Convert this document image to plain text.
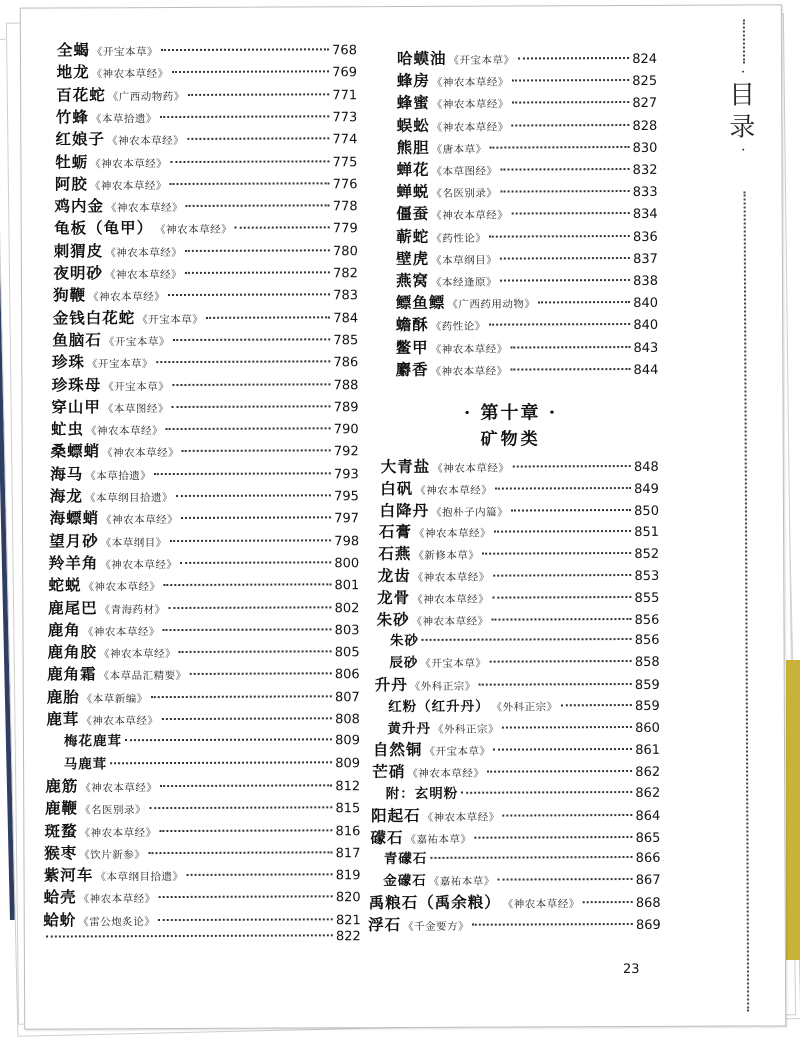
全蝎 《开宝本草》	768
地龙 《神农本草经》	769
百花蛇 《广西动物药》	771
竹蜂 《本草拾遗》	773
红娘子 《神农本草经》	774
牡蛎 《神农本草经》	775
阿胶 《神农本草经》	776
鸡内金 《神农本草经》	778
龟板（龟甲） 《神农本草经》	779
刺猬皮 《神农本草经》	780
夜明砂 《神农本草经》	782
狗鞭 《神农本草经》	783
金钱白花蛇 《开宝本草》	784
鱼脑石 《开宝本草》	785
珍珠 《开宝本草》	786
珍珠母 《开宝本草》	788
穿山甲 《本草图经》	789
虻虫 《神农本草经》	790
桑螵蛸 《神农本草经》	792
海马 《本草拾遗》	793
海龙 《本草纲目拾遗》	795
海螵蛸 《神农本草经》	797
望月砂 《本草纲目》	798
羚羊角 《神农本草经》	800
蛇蜕 《神农本草经》	801
鹿尾巴 《青海药材》	802
鹿角 《神农本草经》	803
鹿角胶 《神农本草经》	805
鹿角霜 《本草品汇精要》	806
鹿胎 《本草新编》	807
鹿茸 《神农本草经》	808
梅花鹿茸	809
马鹿茸	809
鹿筋 《神农本草经》	812
鹿鞭 《名医别录》	815
斑蝥 《神农本草经》	816
猴枣 《饮片新参》	817
紫河车 《本草纲目拾遗》	819
蛤壳 《神农本草经》	820
蛤蚧 《雷公炮炙论》	821
822
哈蟆油 《开宝本草》	824
蜂房 《神农本草经》	825
蜂蜜 《神农本草经》	827
蜈蚣 《神农本草经》	828
熊胆 《唐本草》	830
蝉花 《本草图经》	832
蝉蜕 《名医别录》	833
僵蚕 《神农本草经》	834
蕲蛇 《药性论》	836
壁虎 《本草纲目》	837
燕窝 《本经逢原》	838
鳔鱼鳔 《广西药用动物》	840
蟾酥 《药性论》	840
鳖甲 《神农本草经》	843
麝香 《神农本草经》	844
大青盐 《神农本草经》	848
白矾 《神农本草经》	849
白降丹 《抱朴子内篇》	850
石膏 《神农本草经》	851
石燕 《新修本草》	852
龙齿 《神农本草经》	853
龙骨 《神农本草经》	855
朱砂 《神农本草经》	856
朱砂	856
辰砂 《开宝本草》	858
升丹 《外科正宗》	859
红粉（红升丹） 《外科正宗》	859
黄升丹 《外科正宗》	860
自然铜 《开宝本草》	861
芒硝 《神农本草经》	862
附：玄明粉	862
阳起石 《神农本草经》	864
礞石 《嘉祐本草》	865
青礞石	866
金礞石 《嘉祐本草》	867
禹粮石（禹余粮） 《神农本草经》	868
浮石 《千金要方》	869
· 第十章 ·
矿物类
·
目录
·
23
